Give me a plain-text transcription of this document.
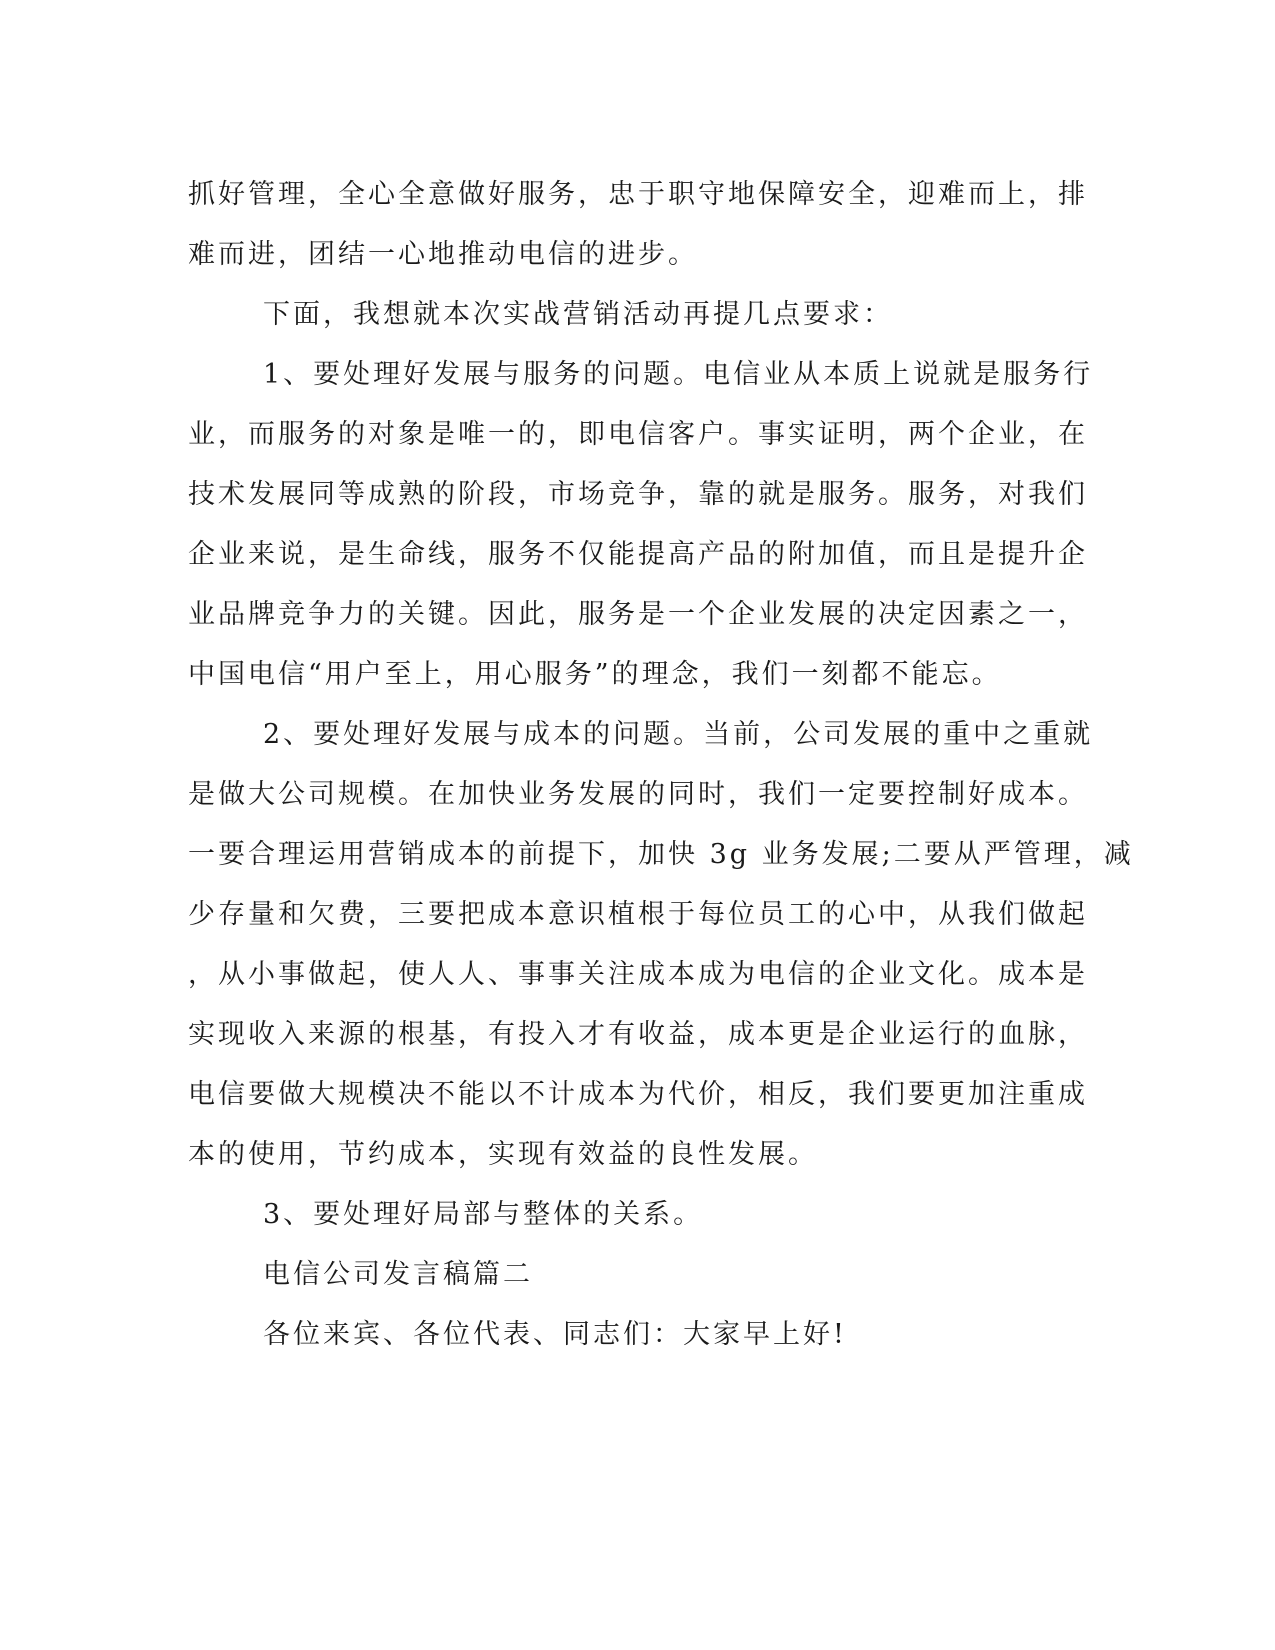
抓好管理，全心全意做好服务，忠于职守地保障安全，迎难而上，排
难而进，团结一心地推动电信的进步。
下面，我想就本次实战营销活动再提几点要求：
1、要处理好发展与服务的问题。电信业从本质上说就是服务行
业，而服务的对象是唯一的，即电信客户。事实证明，两个企业，在
技术发展同等成熟的阶段，市场竞争，靠的就是服务。服务，对我们
企业来说，是生命线，服务不仅能提高产品的附加值，而且是提升企
业品牌竞争力的关键。因此，服务是一个企业发展的决定因素之一，
中国电信“用户至上，用心服务”的理念，我们一刻都不能忘。
2、要处理好发展与成本的问题。当前，公司发展的重中之重就
是做大公司规模。在加快业务发展的同时，我们一定要控制好成本。
一要合理运用营销成本的前提下，加快 3g 业务发展;二要从严管理，减
少存量和欠费，三要把成本意识植根于每位员工的心中，从我们做起
，从小事做起，使人人、事事关注成本成为电信的企业文化。成本是
实现收入来源的根基，有投入才有收益，成本更是企业运行的血脉，
电信要做大规模决不能以不计成本为代价，相反，我们要更加注重成
本的使用，节约成本，实现有效益的良性发展。
3、要处理好局部与整体的关系。
电信公司发言稿篇二
各位来宾、各位代表、同志们：大家早上好!
